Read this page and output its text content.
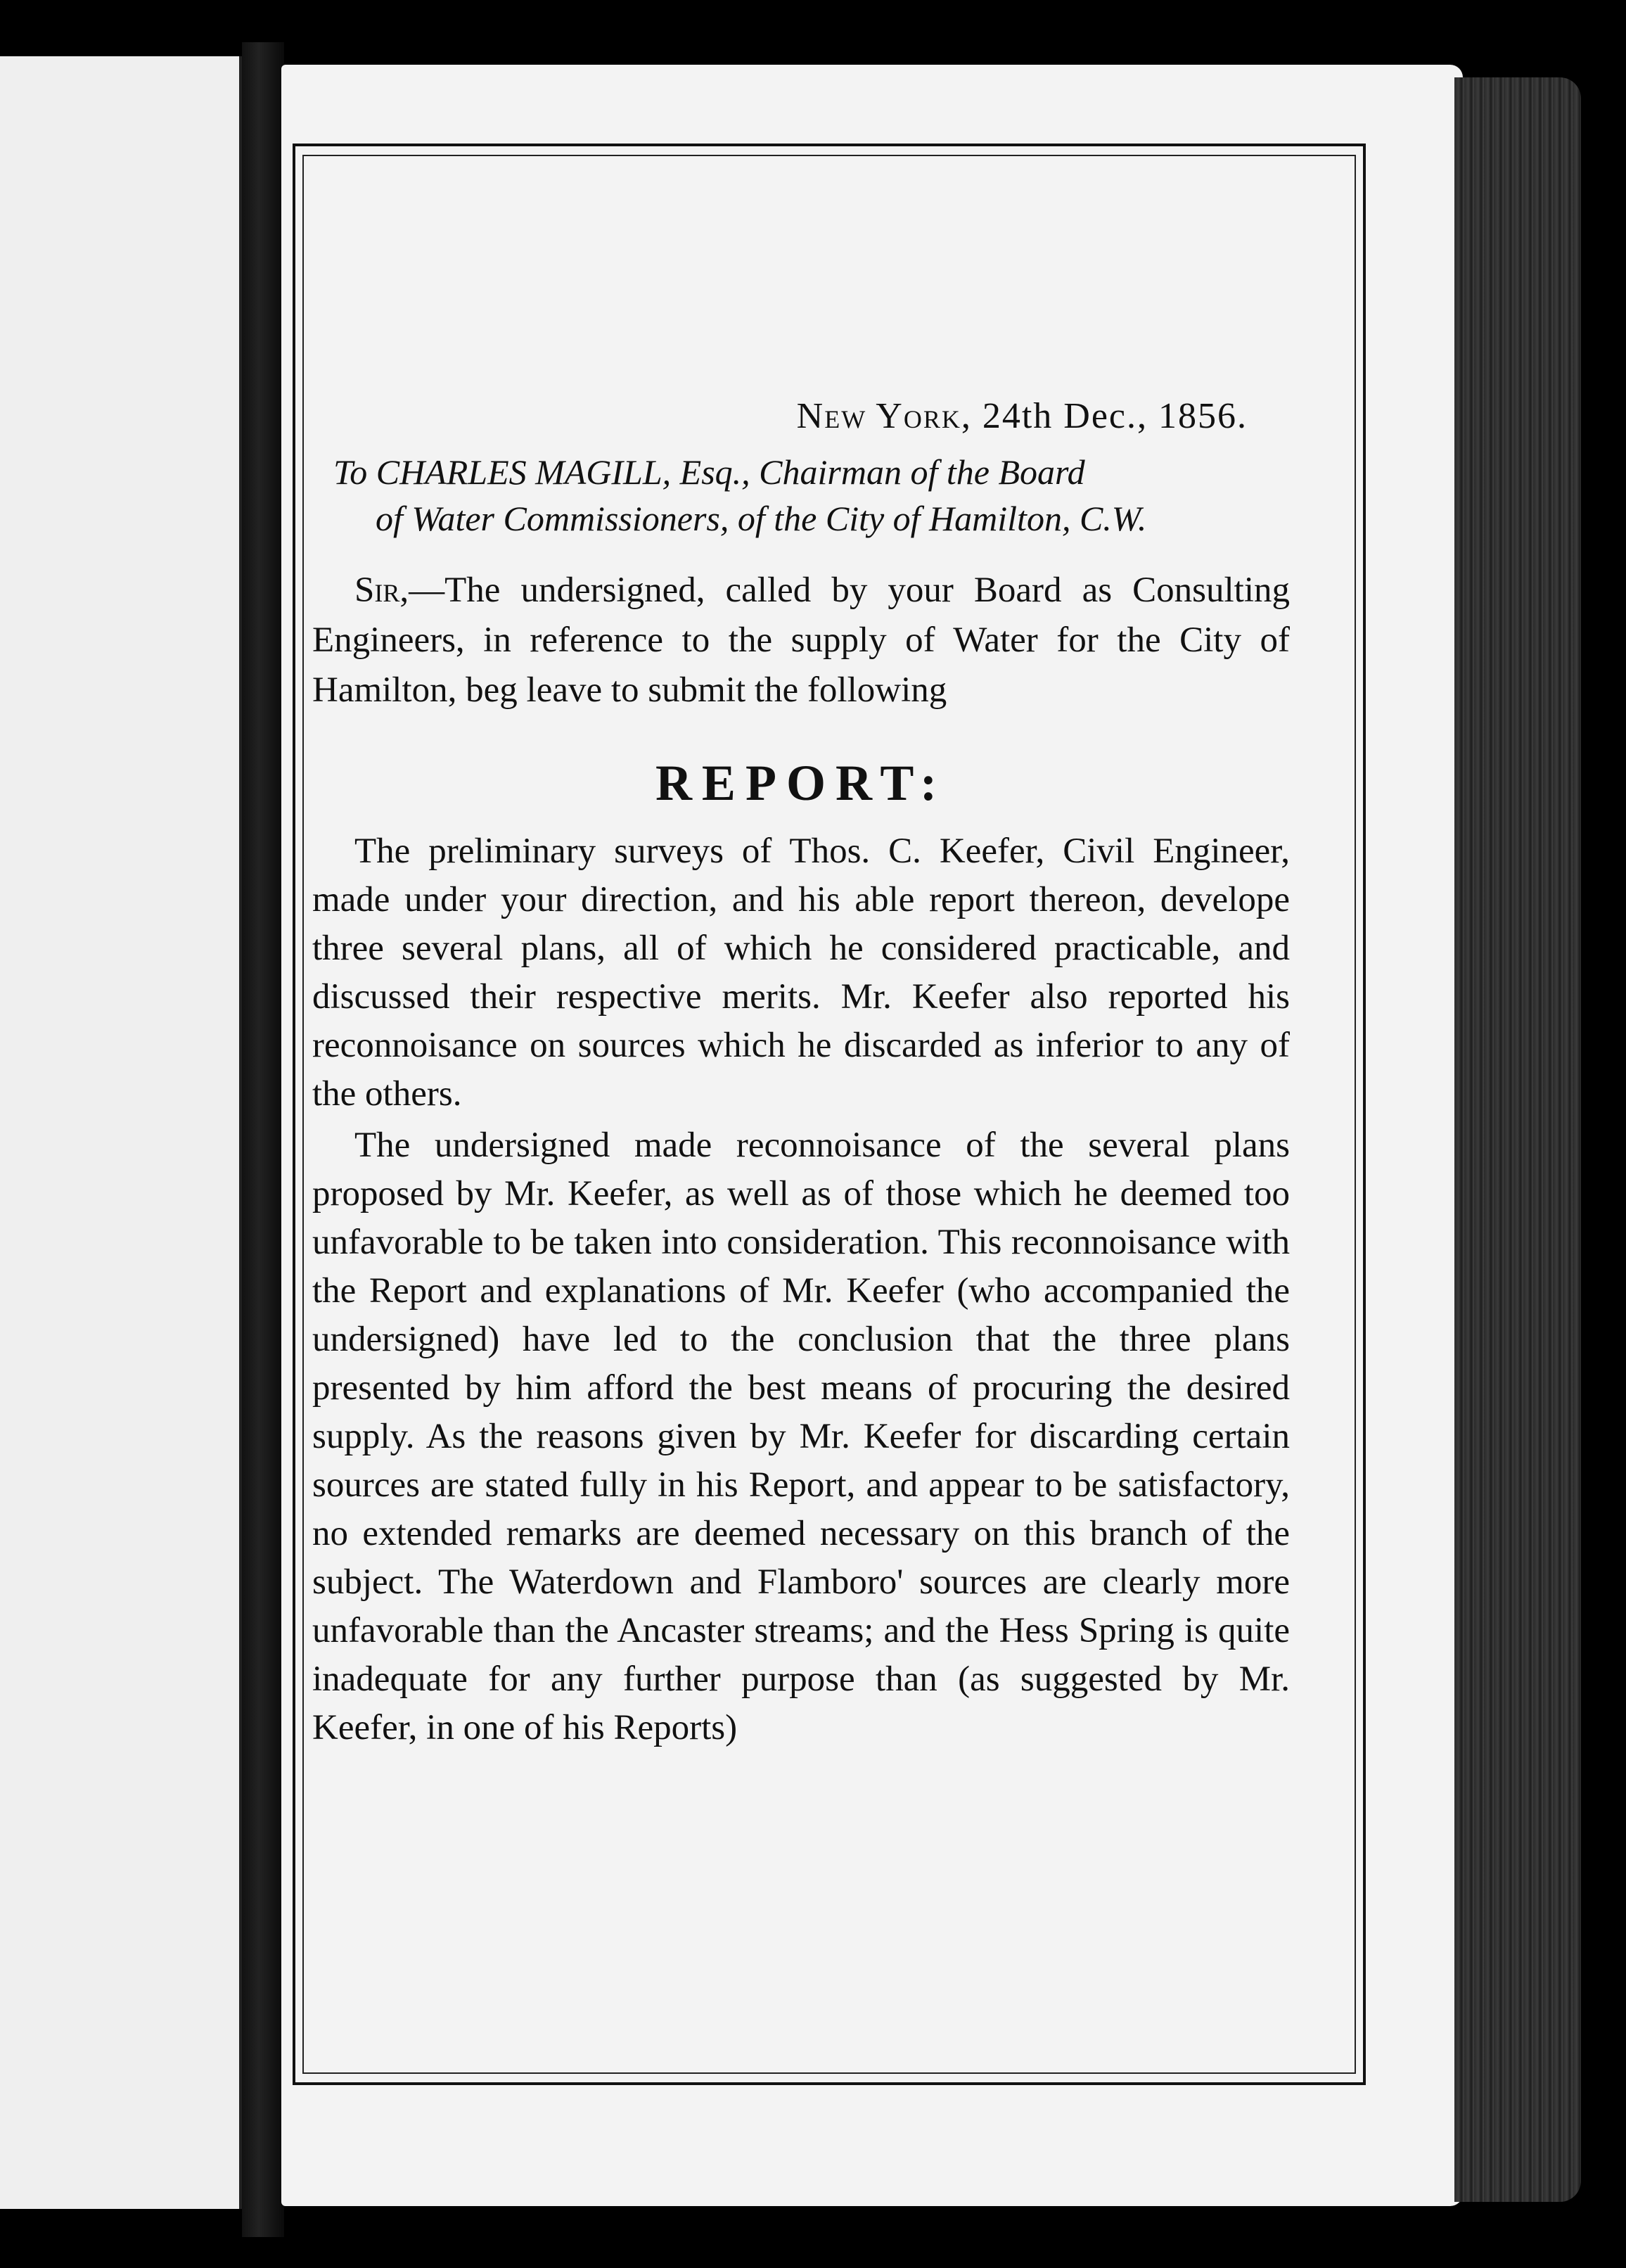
New York, 24th Dec., 1856.
To CHARLES MAGILL, Esq., Chairman of the Board
of Water Commissioners, of the City of Hamilton, C.W.

Sir,—The undersigned, called by your Board as Consulting Engineers, in reference to the supply of Water for the City of Hamilton, beg leave to submit the following

REPORT:

The preliminary surveys of Thos. C. Keefer, Civil Engineer, made under your direction, and his able report thereon, develope three several plans, all of which he considered practicable, and discussed their respective merits. Mr. Keefer also reported his reconnoisance on sources which he discarded as inferior to any of the others.

The undersigned made reconnoisance of the several plans proposed by Mr. Keefer, as well as of those which he deemed too unfavorable to be taken into consideration. This reconnoisance with the Report and explanations of Mr. Keefer (who accompanied the undersigned) have led to the conclusion that the three plans presented by him afford the best means of procuring the desired supply. As the reasons given by Mr. Keefer for discarding certain sources are stated fully in his Report, and appear to be satisfactory, no extended remarks are deemed necessary on this branch of the subject. The Waterdown and Flamboro' sources are clearly more unfavorable than the Ancaster streams; and the Hess Spring is quite inadequate for any further purpose than (as suggested by Mr. Keefer, in one of his Reports)
